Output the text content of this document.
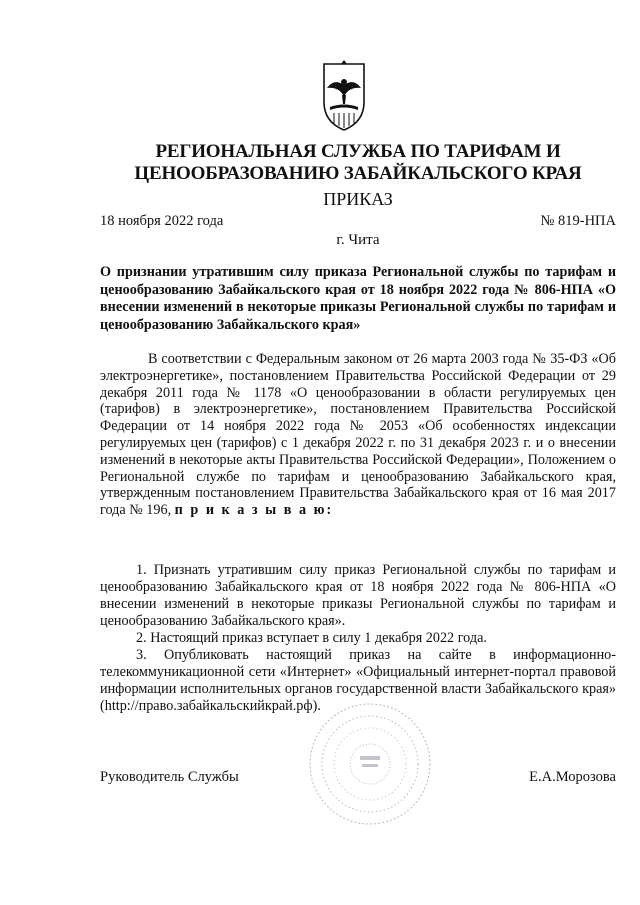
РЕГИОНАЛЬНАЯ СЛУЖБА ПО ТАРИФАМ И
ЦЕНООБРАЗОВАНИЮ ЗАБАЙКАЛЬСКОГО КРАЯ
ПРИКАЗ
18 ноября 2022 года	№ 819-НПА
г. Чита
О признании утратившим силу приказа Региональной службы по тарифам и ценообразованию Забайкальского края от 18 ноября 2022 года № 806-НПА «О внесении изменений в некоторые приказы Региональной службы по тарифам и ценообразованию Забайкальского края»
В соответствии с Федеральным законом от 26 марта 2003 года № 35-ФЗ «Об электроэнергетике», постановлением Правительства Российской Федерации от 29 декабря 2011 года № 1178 «О ценообразовании в области регулируемых цен (тарифов) в электроэнергетике», постановлением Правительства Российской Федерации от 14 ноября 2022 года № 2053 «Об особенностях индексации регулируемых цен (тарифов) с 1 декабря 2022 г. по 31 декабря 2023 г. и о внесении изменений в некоторые акты Правительства Российской Федерации», Положением о Региональной службе по тарифам и ценообразованию Забайкальского края, утвержденным постановлением Правительства Забайкальского края от 16 мая 2017 года № 196, п р и к а з ы в а ю:

1. Признать утратившим силу приказ Региональной службы по тарифам и ценообразованию Забайкальского края от 18 ноября 2022 года № 806-НПА «О внесении изменений в некоторые приказы Региональной службы по тарифам и ценообразованию Забайкальского края».

2. Настоящий приказ вступает в силу 1 декабря 2022 года.

3. Опубликовать настоящий приказ на сайте в информационно-телекоммуникационной сети «Интернет» «Официальный интернет-портал правовой информации исполнительных органов государственной власти Забайкальского края» (http://право.забайкальскийкрай.рф).

Руководитель Службы	Е.А.Морозова
